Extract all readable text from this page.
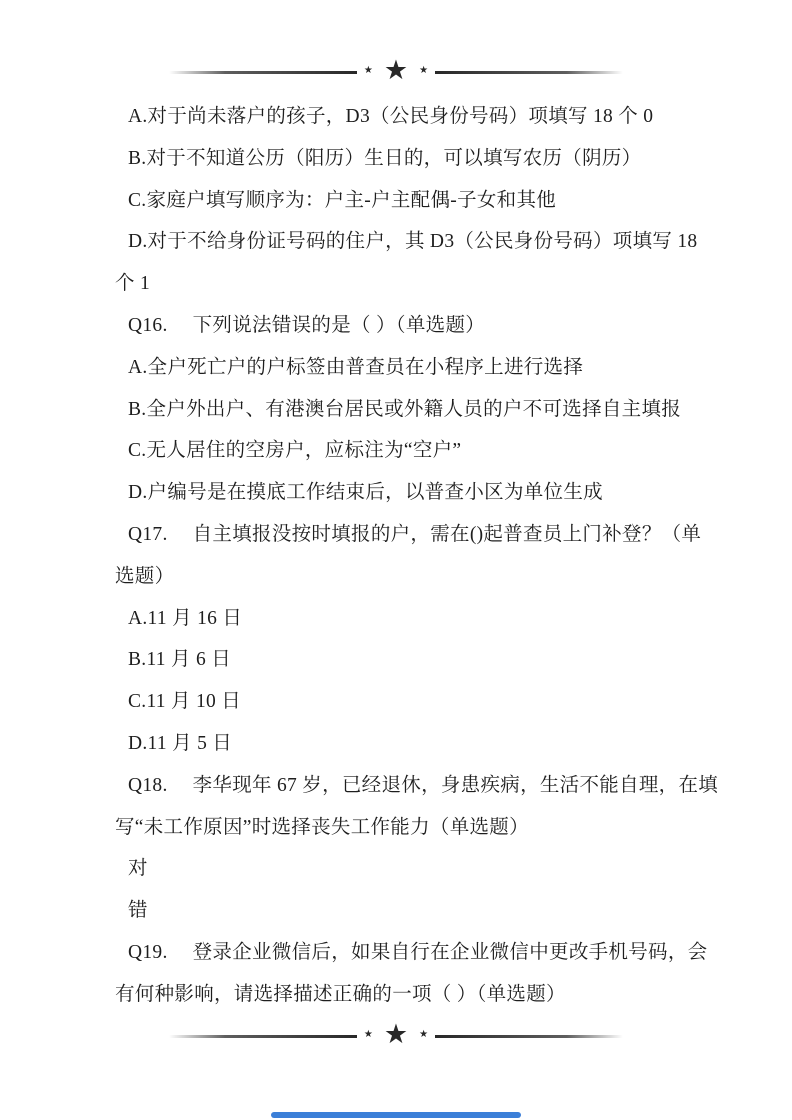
★ ★ ★

A.对于尚未落户的孩子，D3（公民身份号码）项填写 18 个 0

B.对于不知道公历（阳历）生日的，可以填写农历（阴历）

C.家庭户填写顺序为：户主-户主配偶-子女和其他

D.对于不给身份证号码的住户，其 D3（公民身份号码）项填写 18

个 1

Q16.　 下列说法错误的是（ ）（单选题）

A.全户死亡户的户标签由普查员在小程序上进行选择

B.全户外出户、有港澳台居民或外籍人员的户不可选择自主填报

C.无人居住的空房户，应标注为“空户”

D.户编号是在摸底工作结束后，以普查小区为单位生成

Q17.　 自主填报没按时填报的户，需在()起普查员上门补登？（单

选题）

A.11 月 16 日

B.11 月 6 日

C.11 月 10 日

D.11 月 5 日

Q18.　 李华现年 67 岁，已经退休，身患疾病，生活不能自理，在填

写“未工作原因”时选择丧失工作能力（单选题）

对

错

Q19.　 登录企业微信后，如果自行在企业微信中更改手机号码，会

有何种影响，请选择描述正确的一项（ ）（单选题）

★ ★ ★
